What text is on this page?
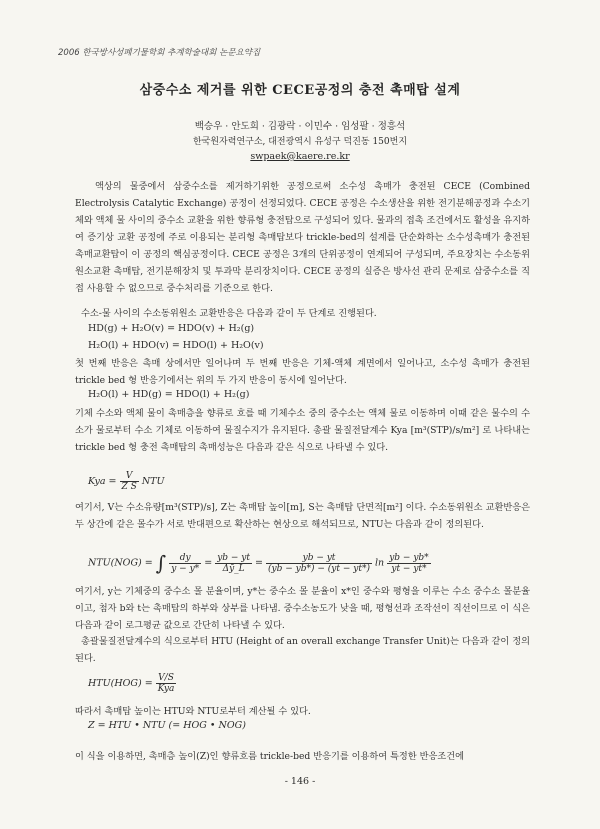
2006 한국방사성폐기물학회 추계학술대회 논문요약집
삼중수소 제거를 위한 CECE공정의 충전 촉매탑 설계
백승우 · 안도희 · 김광락 · 이민수 · 임성팔 · 정흥석
한국원자력연구소, 대전광역시 유성구 덕진동 150번지
swpaek@kaere.re.kr
액상의 물중에서 삼중수소를 제거하기위한 공정으로써 소수성 촉매가 충전된 CECE (Combined Electrolysis Catalytic Exchange) 공정이 선정되었다. CECE 공정은 수소생산을 위한 전기분해공정과 수소기체와 액체 물 사이의 중수소 교환을 위한 향류형 충전탑으로 구성되어 있다. 물과의 접촉 조건에서도 활성을 유지하여 증기상 교환 공정에 주로 이용되는 분리형 촉매탑보다 trickle-bed의 설계를 단순화하는 소수성촉매가 충전된 촉매교환탑이 이 공정의 핵심공정이다. CECE 공정은 3개의 단위공정이 연계되어 구성되며, 주요장치는 수소동위원소교환 촉매탑, 전기분해장치 및 투과막 분리장치이다. CECE 공정의 실증은 방사선 관리 문제로 삼중수소를 직접 사용할 수 없으므로 중수처리를 기준으로 한다.
수소-물 사이의 수소동위원소 교환반응은 다음과 같이 두 단계로 진행된다.
HD(g) + H₂O(v) = HDO(v) + H₂(g)
H₂O(l) + HDO(v) = HDO(l) + H₂O(v)
첫 번째 반응은 촉매 상에서만 일어나며 두 번째 반응은 기체-액체 계면에서 일어나고, 소수성 촉매가 충전된 trickle bed 형 반응기에서는 위의 두 가지 반응이 동시에 일어난다.
H₂O(l) + HD(g) = HDO(l) + H₂(g)
기체 수소와 액체 물이 촉매층을 향류로 흐를 때 기체수소 중의 중수소는 액체 물로 이동하며 이때 같은 물수의 수소가 물로부터 수소 기체로 이동하여 물질수지가 유지된다. 총괄 물질전달계수 Kya [m³(STP)/s/m²] 로 나타내는 trickle bed 형 충전 촉매탑의 촉매성능은 다음과 같은 식으로 나타낼 수 있다.
Kya = $\frac{V}{\text{Z S}}$ NTU
여기서, V는 수소유량[m³(STP)/s], Z는 촉매탑 높이[m], S는 촉매탑 단면적[m²] 이다. 수소동위원소 교환반응은 두 상간에 같은 몰수가 서로 반대편으로 확산하는 현상으로 해석되므로, NTU는 다음과 같이 정의된다.
NTU(NOG) = ∫ $\frac{dy}{y - y*} = \frac{yb - yt}{\Delta ȳ\_L} = \frac{yb - yt}{(yb - yb*) - (yt - yt*)}$ $\ln \frac{yb - yb*}{yt - yt*}$
여기서, y는 기체중의 중수소 몰 분율이며, y*는 중수소 몰 분율이 x*인 중수와 평형을 이루는 수소 중수소 몰분율이고, 첨자 b와 t는 촉매탑의 하부와 상부를 나타냄. 중수소농도가 낮을 때, 평형선과 조작선이 직선이므로 이 식은 다음과 같이 로그평균 값으로 간단히 나타낼 수 있다.
총괄물질전달계수의 식으로부터 HTU (Height of an overall exchange Transfer Unit)는 다음과 같이 정의된다.
$HTU(HOG) = \frac{V/S}{\text{Kya}}$
따라서 촉매탑 높이는 HTU와 NTU로부터 계산될 수 있다.
Z = HTU • NTU (= HOG • NOG)
이 식을 이용하면, 촉매층 높이(Z)인 향류흐름 trickle-bed 반응기를 이용하여 특정한 반응조건에
- 146 -
